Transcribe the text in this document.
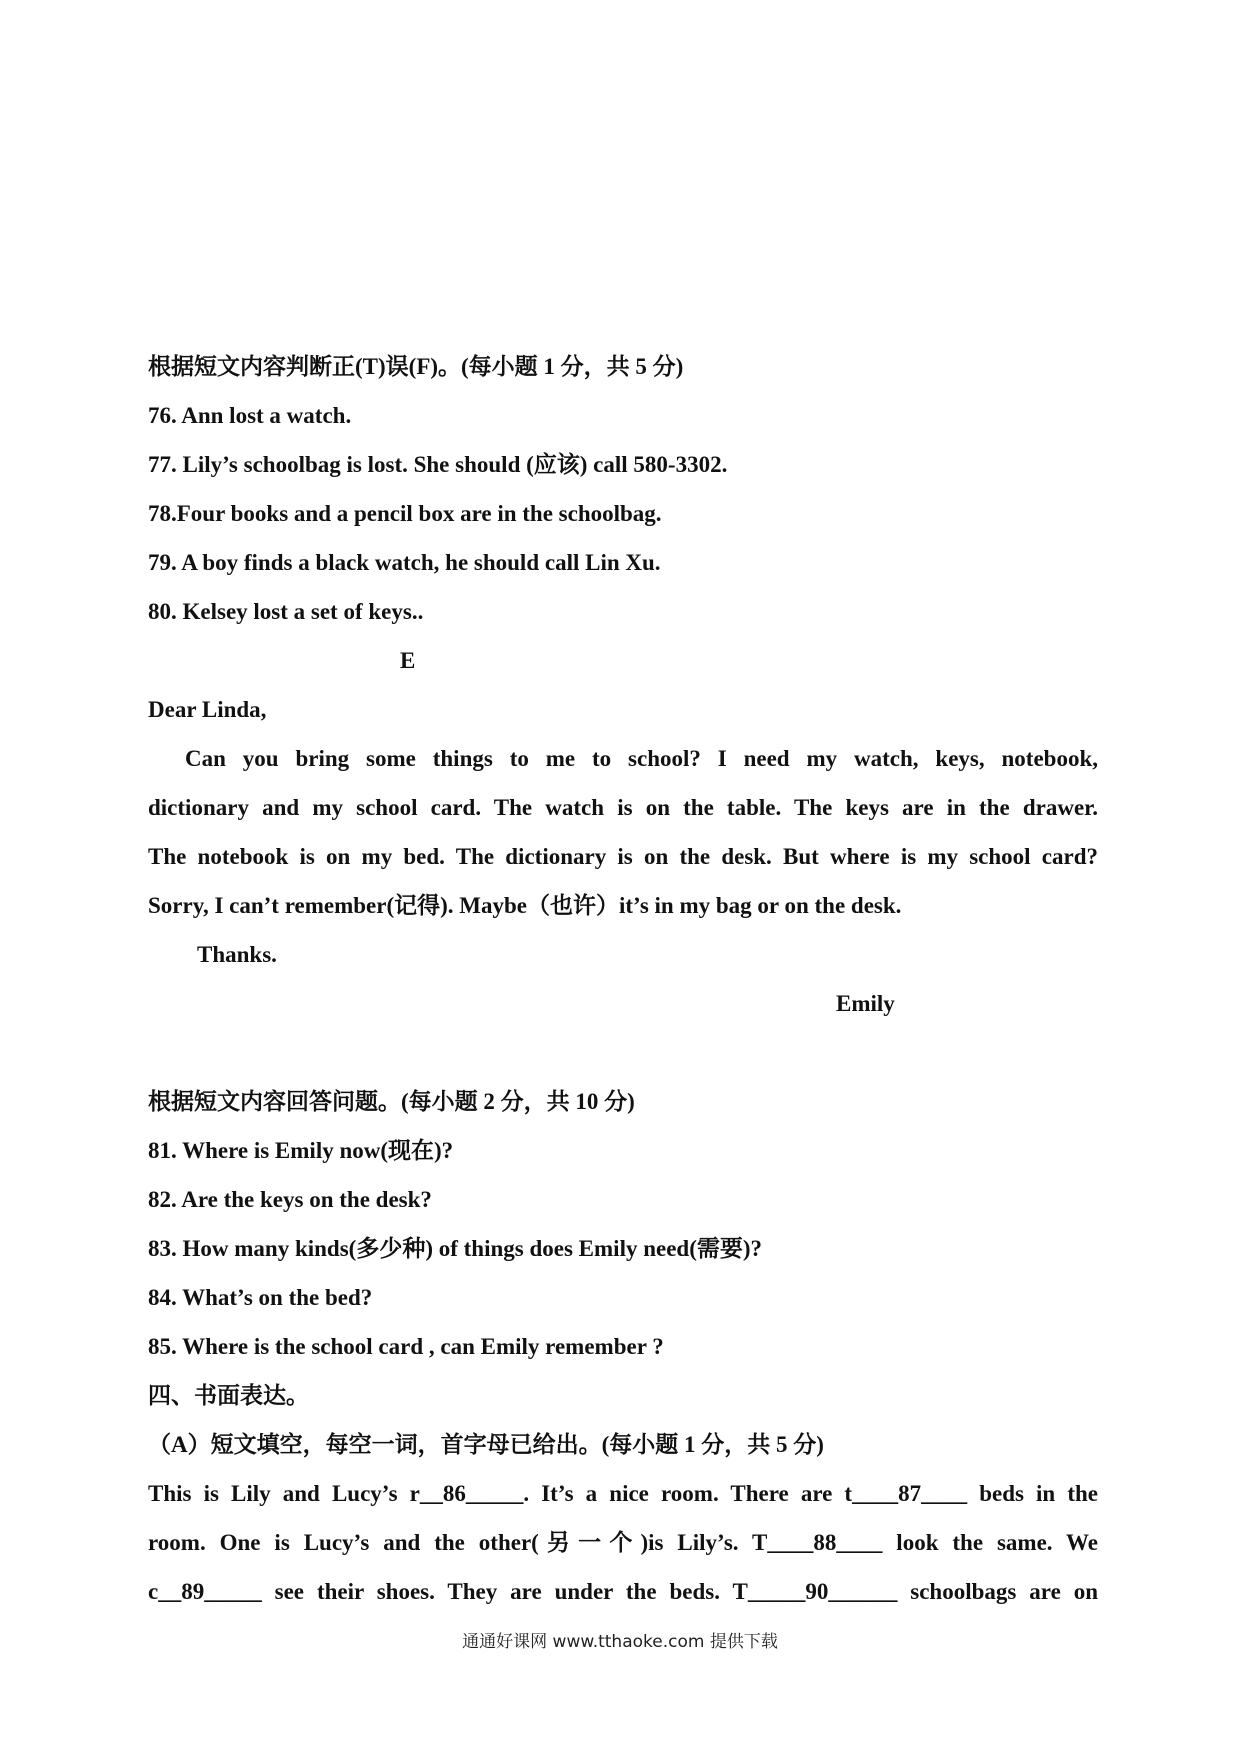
根据短文内容判断正(T)误(F)。(每小题 1 分，共 5 分)
76. Ann lost a watch.
77. Lily’s schoolbag is lost. She should (应该) call 580-3302.
78.Four books and a pencil box are in the schoolbag.
79. A boy finds a black watch, he should call Lin Xu.
80. Kelsey lost a set of keys..
E
Dear Linda,
Can you bring some things to me to school? I need my watch, keys, notebook,
dictionary and my school card. The watch is on the table. The keys are in the drawer.
The notebook is on my bed. The dictionary is on the desk. But where is my school card?
Sorry, I can’t remember(记得). Maybe（也许）it’s in my bag or on the desk.
Thanks.
Emily
根据短文内容回答问题。(每小题 2 分，共 10 分)
81. Where is Emily now(现在)?
82. Are the keys on the desk?
83. How many kinds(多少种) of things does Emily need(需要)?
84. What’s on the bed?
85. Where is the school card , can Emily remember ?
四、书面表达。
（A）短文填空，每空一词，首字母已给出。(每小题 1 分，共 5 分)
This is Lily and Lucy’s r__86_____. It’s a nice room. There are t____87____ beds in the
room. One is Lucy’s and the other(另一个)is Lily’s. T____88____ look the same. We
c__89_____ see their shoes. They are under the beds. T_____90______ schoolbags are on
通通好课网 www.tthaoke.com 提供下载
